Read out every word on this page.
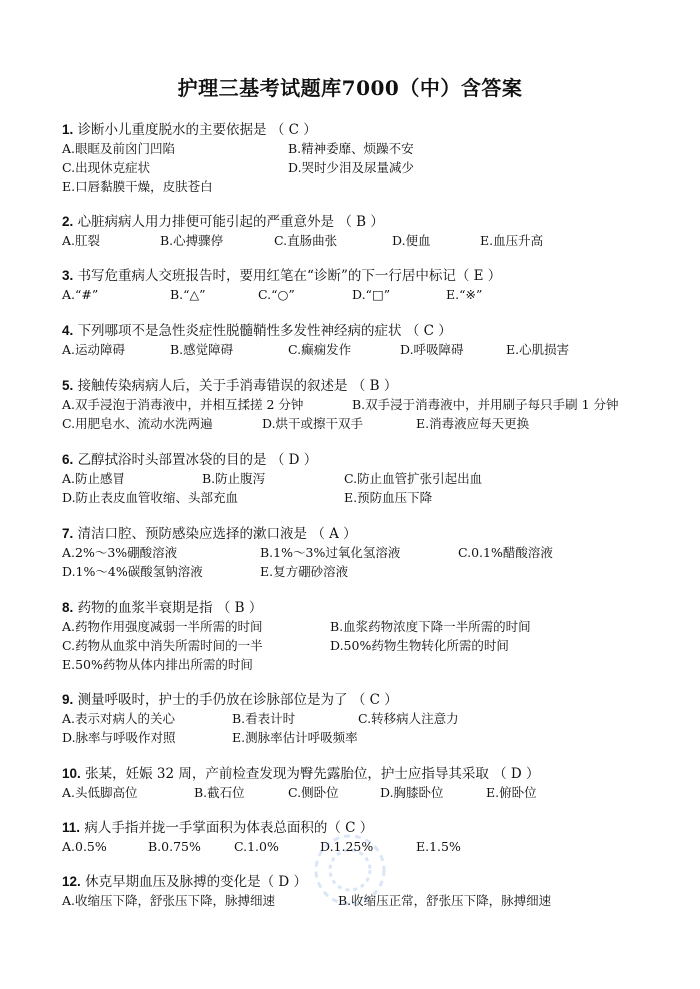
护理三基考试题库7000（中）含答案
1. 诊断小儿重度脱水的主要依据是 （ C ）
A.眼眶及前囟门凹陷	B.精神委靡、烦躁不安
C.出现休克症状	D.哭时少泪及尿量减少
E.口唇黏膜干燥，皮肤苍白
2. 心脏病病人用力排便可能引起的严重意外是 （ B ）
A.肛裂	B.心搏骤停	C.直肠曲张	D.便血	E.血压升高
3. 书写危重病人交班报告时，要用红笔在“诊断”的下一行居中标记（ E ）
A.“#”	B.“△”	C.“○”	D.“□”	E.“※”
4. 下列哪项不是急性炎症性脱髓鞘性多发性神经病的症状 （ C ）
A.运动障碍	B.感觉障碍	C.癫痫发作	D.呼吸障碍	E.心肌损害
5. 接触传染病病人后，关于手消毒错误的叙述是 （ B ）
A.双手浸泡于消毒液中，并相互揉搓 2 分钟	B.双手浸于消毒液中，并用刷子每只手刷 1 分钟
C.用肥皂水、流动水洗两遍	D.烘干或擦干双手	E.消毒液应每天更换
6. 乙醇拭浴时头部置冰袋的目的是 （ D ）
A.防止感冒	B.防止腹泻	C.防止血管扩张引起出血
D.防止表皮血管收缩、头部充血	E.预防血压下降
7. 清洁口腔、预防感染应选择的漱口液是 （ A ）
A.2%～3%硼酸溶液	B.1%～3%过氧化氢溶液	C.0.1%醋酸溶液
D.1%～4%碳酸氢钠溶液	E.复方硼砂溶液
8. 药物的血浆半衰期是指 （ B ）
A.药物作用强度减弱一半所需的时间	B.血浆药物浓度下降一半所需的时间
C.药物从血浆中消失所需时间的一半	D.50%药物生物转化所需的时间
E.50%药物从体内排出所需的时间
9. 测量呼吸时，护士的手仍放在诊脉部位是为了 （ C ）
A.表示对病人的关心	B.看表计时	C.转移病人注意力
D.脉率与呼吸作对照	E.测脉率估计呼吸频率
10. 张某，妊娠 32 周，产前检查发现为臀先露胎位，护士应指导其采取 （ D ）
A.头低脚高位	B.截石位	C.侧卧位	D.胸膝卧位	E.俯卧位
11. 病人手指并拢一手掌面积为体表总面积的（ C ）
A.0.5%	B.0.75%	C.1.0%	D.1.25%	E.1.5%
12. 休克早期血压及脉搏的变化是（ D ）
A.收缩压下降，舒张压下降，脉搏细速	B.收缩压正常，舒张压下降，脉搏细速
